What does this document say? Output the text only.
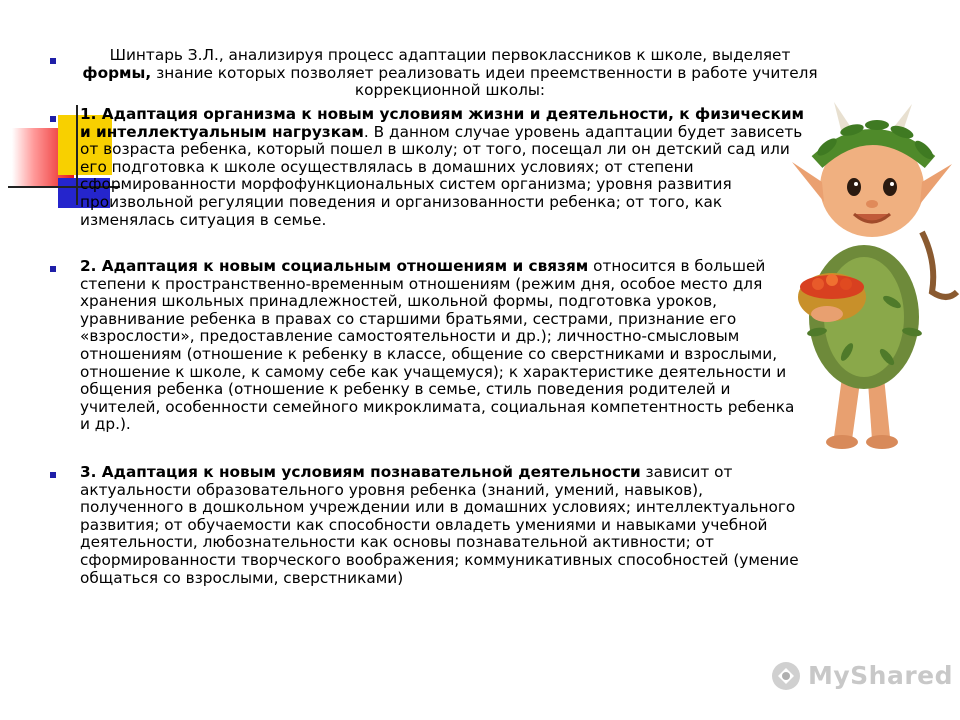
Шинтарь З.Л., анализируя процесс адаптации первоклассников к школе, выделяет формы, знание которых позволяет реализовать идеи преемственности в работе учителя коррекционной школы:
1. Адаптация организма к новым условиям жизни и деятельности, к физическим и интеллектуальным нагрузкам. В данном случае уровень адаптации будет зависеть от возраста ребенка, который пошел в школу; от того, посещал ли он детский сад или его подготовка к школе осуществлялась в домашних условиях; от степени сформированности морфофункциональных систем организма; уровня развития произвольной регуляции поведения и организованности ребенка; от того, как изменялась ситуация в семье.
2. Адаптация к новым социальным отношениям и связям относится в большей степени к пространственно-временным отношениям (режим дня, особое место для хранения школьных принадлежностей, школьной формы, подготовка уроков, уравнивание ребенка в правах со старшими братьями, сестрами, признание его «взрослости», предоставление самостоятельности и др.); личностно-смысловым отношениям (отношение к ребенку в классе, общение со сверстниками и взрослыми, отношение к школе, к самому себе как учащемуся); к характеристике деятельности и общения ребенка (отношение к ребенку в семье, стиль поведения родителей и учителей, особенности семейного микроклимата, социальная компетентность ребенка и др.).
3. Адаптация к новым условиям познавательной деятельности зависит от актуальности образовательного уровня ребенка (знаний, умений, навыков), полученного в дошкольном учреждении или в домашних условиях; интеллектуального развития; от обучаемости как способности овладеть умениями и навыками учебной деятельности, любознательности как основы познавательной активности; от сформированности творческого воображения; коммуникативных способностей (умение общаться со взрослыми, сверстниками)
MyShared
